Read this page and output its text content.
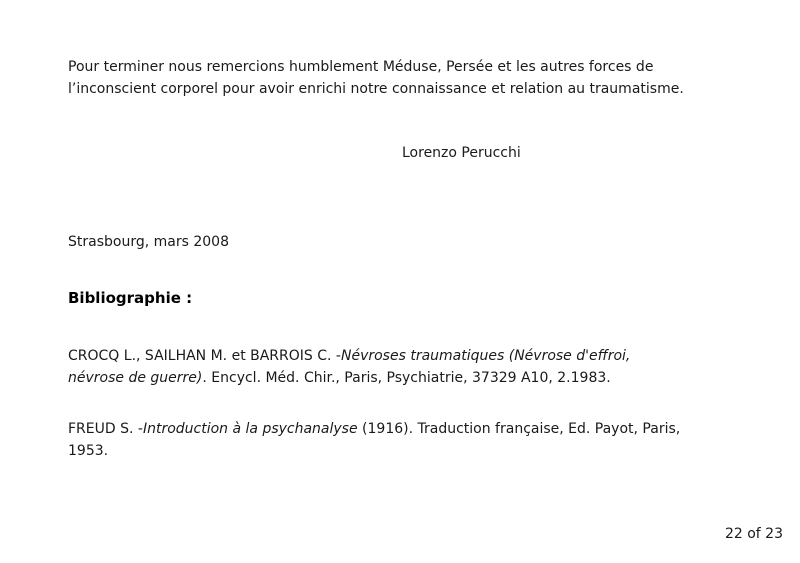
Pour terminer nous remercions humblement Méduse, Persée et les autres forces de
l’inconscient corporel pour avoir enrichi notre connaissance et relation au traumatisme.
Lorenzo Perucchi
Strasbourg, mars 2008
Bibliographie :
CROCQ L., SAILHAN M. et BARROIS C. -Névroses traumatiques (Névrose d'effroi,
névrose de guerre). Encycl. Méd. Chir., Paris, Psychiatrie, 37329 A10, 2.1983.
FREUD S. -Introduction à la psychanalyse (1916). Traduction française, Ed. Payot, Paris,
1953.
22 of 23
